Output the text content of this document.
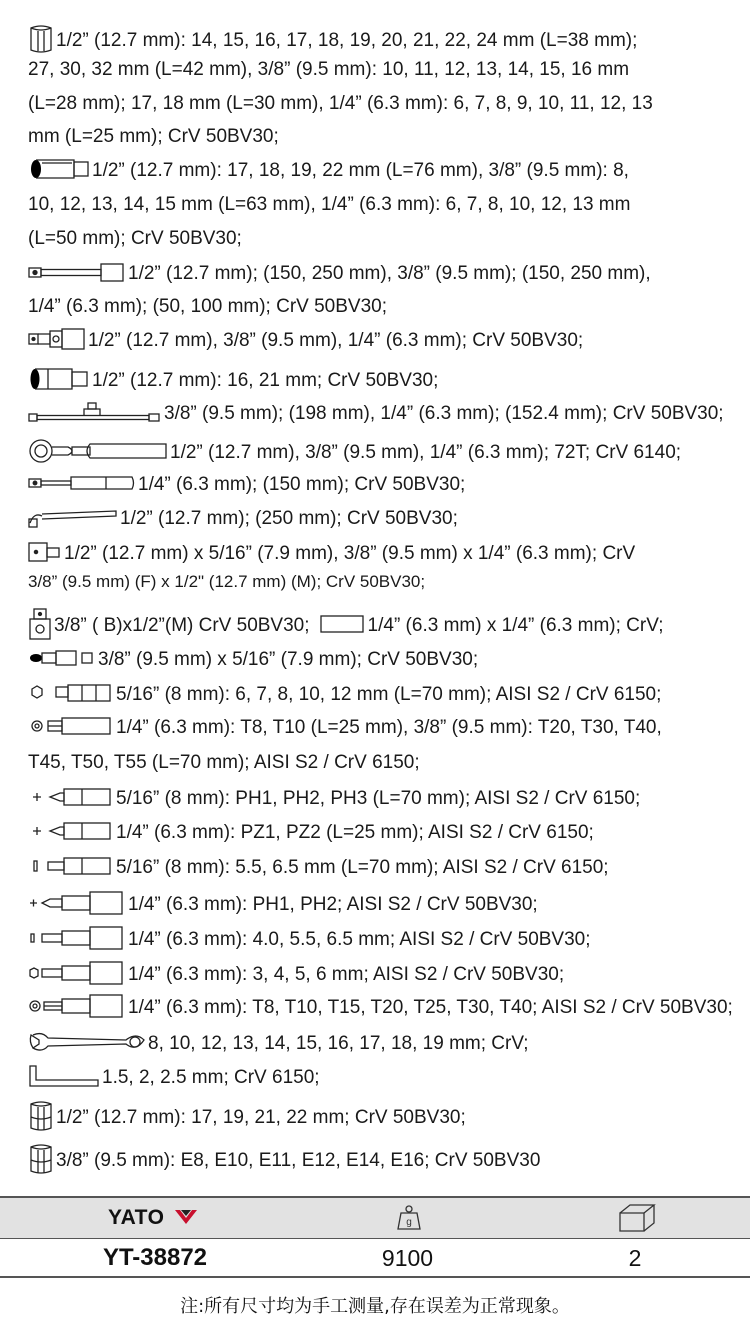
1/2” (12.7 mm): 14, 15, 16, 17, 18, 19, 20, 21, 22, 24 mm (L=38 mm);
27, 30, 32 mm (L=42 mm), 3/8” (9.5 mm): 10, 11, 12, 13, 14, 15, 16 mm
(L=28 mm); 17, 18 mm (L=30 mm), 1/4” (6.3 mm): 6, 7, 8, 9, 10, 11, 12, 13
mm (L=25 mm); CrV 50BV30;
1/2” (12.7 mm): 17, 18, 19, 22 mm (L=76 mm), 3/8” (9.5 mm): 8,
10, 12, 13, 14, 15 mm (L=63 mm), 1/4” (6.3 mm): 6, 7, 8, 10, 12, 13 mm
(L=50 mm); CrV 50BV30;
1/2” (12.7 mm); (150, 250 mm), 3/8” (9.5 mm); (150, 250 mm),
1/4” (6.3 mm); (50, 100 mm); CrV 50BV30;
1/2” (12.7 mm), 3/8” (9.5 mm), 1/4” (6.3 mm); CrV 50BV30;
1/2” (12.7 mm): 16, 21 mm; CrV 50BV30;
3/8” (9.5 mm); (198 mm), 1/4” (6.3 mm); (152.4 mm); CrV 50BV30;
1/2” (12.7 mm), 3/8” (9.5 mm), 1/4” (6.3 mm); 72T; CrV 6140;
1/4” (6.3 mm); (150 mm); CrV 50BV30;
1/2” (12.7 mm); (250 mm); CrV 50BV30;
1/2” (12.7 mm) x 5/16” (7.9 mm), 3/8” (9.5 mm) x 1/4” (6.3 mm); CrV
3/8” (9.5 mm) (F) x 1/2" (12.7 mm) (M); CrV 50BV30;
3/8” ( B)x1/2”(M) CrV 50BV30;	1/4” (6.3 mm) x 1/4” (6.3 mm); CrV;
3/8” (9.5 mm) x 5/16” (7.9 mm); CrV 50BV30;
5/16” (8 mm): 6, 7, 8, 10, 12 mm (L=70 mm); AISI S2 / CrV 6150;
1/4” (6.3 mm): T8, T10 (L=25 mm), 3/8” (9.5 mm): T20, T30, T40,
T45, T50, T55 (L=70 mm); AISI S2 / CrV 6150;
5/16” (8 mm): PH1, PH2, PH3 (L=70 mm); AISI S2 / CrV 6150;
1/4” (6.3 mm): PZ1, PZ2 (L=25 mm); AISI S2 / CrV 6150;
5/16” (8 mm): 5.5, 6.5 mm (L=70 mm); AISI S2 / CrV 6150;
1/4” (6.3 mm): PH1, PH2; AISI S2 / CrV 50BV30;
1/4” (6.3 mm): 4.0, 5.5, 6.5 mm; AISI S2 / CrV 50BV30;
1/4” (6.3 mm): 3, 4, 5, 6 mm; AISI S2 / CrV 50BV30;
1/4” (6.3 mm): T8, T10, T15, T20, T25, T30, T40; AISI S2 / CrV 50BV30;
8, 10, 12, 13, 14, 15, 16, 17, 18, 19 mm; CrV;
1.5, 2, 2.5 mm; CrV 6150;
1/2” (12.7 mm): 17, 19, 21, 22 mm; CrV 50BV30;
3/8” (9.5 mm): E8, E10, E11, E12, E14, E16; CrV 50BV30
YATO	g
YT-38872	9100	2
注:所有尺寸均为手工测量,存在误差为正常现象。
